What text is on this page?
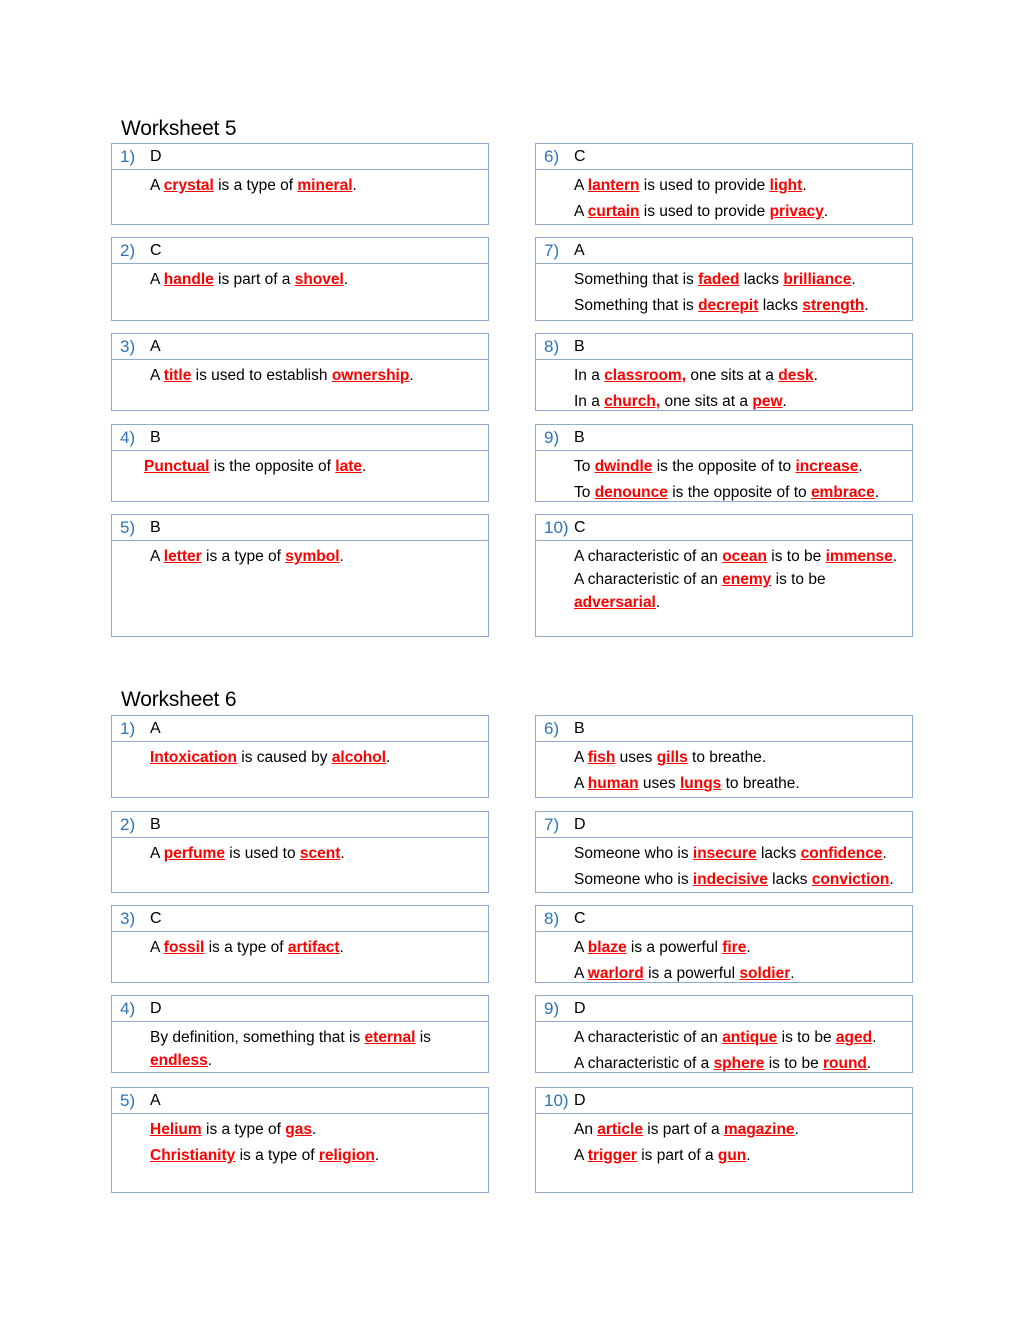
Worksheet 5
1) D
A crystal is a type of mineral.
2) C
A handle is part of a shovel.
3) A
A title is used to establish ownership.
4) B
Punctual is the opposite of late.
5) B
A letter is a type of symbol.
6) C
A lantern is used to provide light.
A curtain is used to provide privacy.
7) A
Something that is faded lacks brilliance.
Something that is decrepit lacks strength.
8) B
In a classroom, one sits at a desk.
In a church, one sits at a pew.
9) B
To dwindle is the opposite of to increase.
To denounce is the opposite of to embrace.
10) C
A characteristic of an ocean is to be immense.
A characteristic of an enemy is to be adversarial.
Worksheet 6
1) A
Intoxication is caused by alcohol.
2) B
A perfume is used to scent.
3) C
A fossil is a type of artifact.
4) D
By definition, something that is eternal is endless.
5) A
Helium is a type of gas.
Christianity is a type of religion.
6) B
A fish uses gills to breathe.
A human uses lungs to breathe.
7) D
Someone who is insecure lacks confidence.
Someone who is indecisive lacks conviction.
8) C
A blaze is a powerful fire.
A warlord is a powerful soldier.
9) D
A characteristic of an antique is to be aged.
A characteristic of a sphere is to be round.
10) D
An article is part of a magazine.
A trigger is part of a gun.
